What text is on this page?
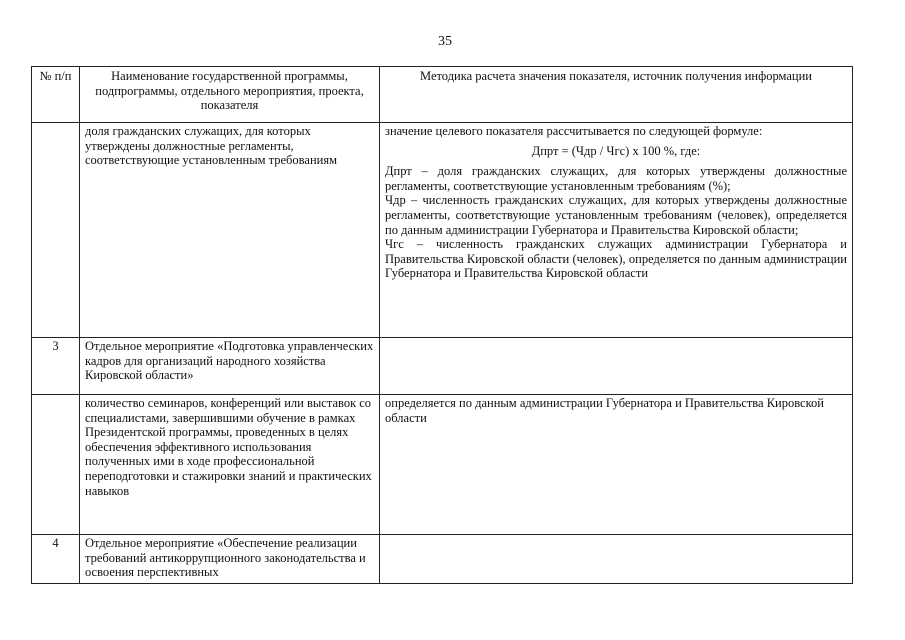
35
№ п/п	Наименование государственной программы, подпрограммы, отдельного мероприятия, проекта, показателя	Методика расчета значения показателя, источник получения информации
	доля гражданских служащих, для которых утверждены должностные регламенты, соответствующие установленным требованиям	значение целевого показателя рассчитывается по следующей формуле:
Дпрт = (Чдр / Чгс) х 100 %, где:
Дпрт – доля гражданских служащих, для которых утверждены должностные регламенты, соответствующие установленным требованиям (%);
Чдр – численность гражданских служащих, для которых утверждены должностные регламенты, соответствующие установленным требованиям (человек), определяется по данным администрации Губернатора и Правительства Кировской области;
Чгс – численность гражданских служащих администрации Губернатора и Правительства Кировской области (человек), определяется по данным администрации Губернатора и Правительства Кировской области

3	Отдельное мероприятие «Подготовка управленческих кадров для организаций народного хозяйства Кировской области»	
	количество семинаров, конференций или выставок со специалистами, завершившими обучение в рамках Президентской программы, проведенных в целях обеспечения эффективного использования полученных ими в ходе профессиональной переподготовки и стажировки знаний и практических навыков	определяется по данным администрации Губернатора и Правительства Кировской области
4	Отдельное мероприятие «Обеспечение реализации требований антикоррупционного законодательства и освоения перспективных	
